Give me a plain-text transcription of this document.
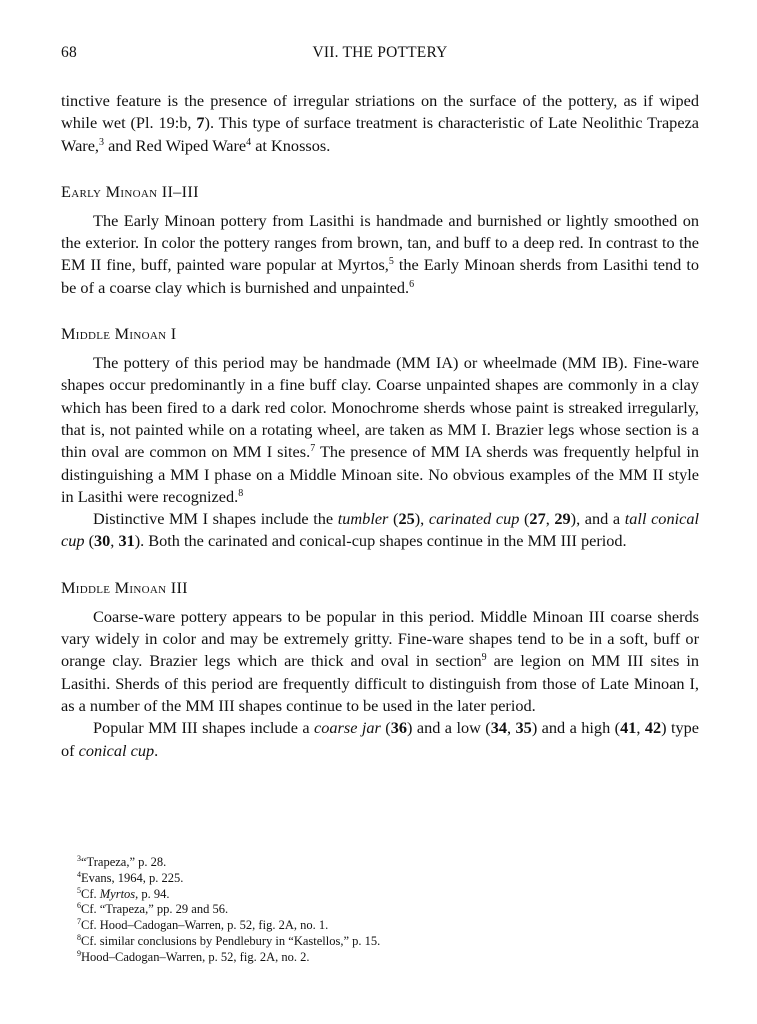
68	VII. THE POTTERY

tinctive feature is the presence of irregular striations on the surface of the pottery, as if wiped while wet (Pl. 19:b, 7). This type of surface treatment is characteristic of Late Neolithic Trapeza Ware,$^3$ and Red Wiped Ware$^4$ at Knossos.

Early Minoan II–III

The Early Minoan pottery from Lasithi is handmade and burnished or lightly smoothed on the exterior. In color the pottery ranges from brown, tan, and buff to a deep red. In contrast to the EM II fine, buff, painted ware popular at Myrtos,$^5$ the Early Minoan sherds from Lasithi tend to be of a coarse clay which is burnished and unpainted.$^6$

Middle Minoan I

The pottery of this period may be handmade (MM IA) or wheelmade (MM IB). Fine-ware shapes occur predominantly in a fine buff clay. Coarse unpainted shapes are commonly in a clay which has been fired to a dark red color. Monochrome sherds whose paint is streaked irregularly, that is, not painted while on a rotating wheel, are taken as MM I. Brazier legs whose section is a thin oval are common on MM I sites.$^7$ The presence of MM IA sherds was frequently helpful in distinguishing a MM I phase on a Middle Minoan site. No obvious examples of the MM II style in Lasithi were recognized.$^8$

Distinctive MM I shapes include the tumbler (25), carinated cup (27, 29), and a tall conical cup (30, 31). Both the carinated and conical-cup shapes continue in the MM III period.

Middle Minoan III

Coarse-ware pottery appears to be popular in this period. Middle Minoan III coarse sherds vary widely in color and may be extremely gritty. Fine-ware shapes tend to be in a soft, buff or orange clay. Brazier legs which are thick and oval in section$^9$ are legion on MM III sites in Lasithi. Sherds of this period are frequently difficult to distinguish from those of Late Minoan I, as a number of the MM III shapes continue to be used in the later period.

Popular MM III shapes include a coarse jar (36) and a low (34, 35) and a high (41, 42) type of conical cup.

$^3$“Trapeza,” p. 28.
$^4$Evans, 1964, p. 225.
$^5$Cf. Myrtos, p. 94.
$^6$Cf. “Trapeza,” pp. 29 and 56.
$^7$Cf. Hood–Cadogan–Warren, p. 52, fig. 2A, no. 1.
$^8$Cf. similar conclusions by Pendlebury in “Kastellos,” p. 15.
$^9$Hood–Cadogan–Warren, p. 52, fig. 2A, no. 2.
